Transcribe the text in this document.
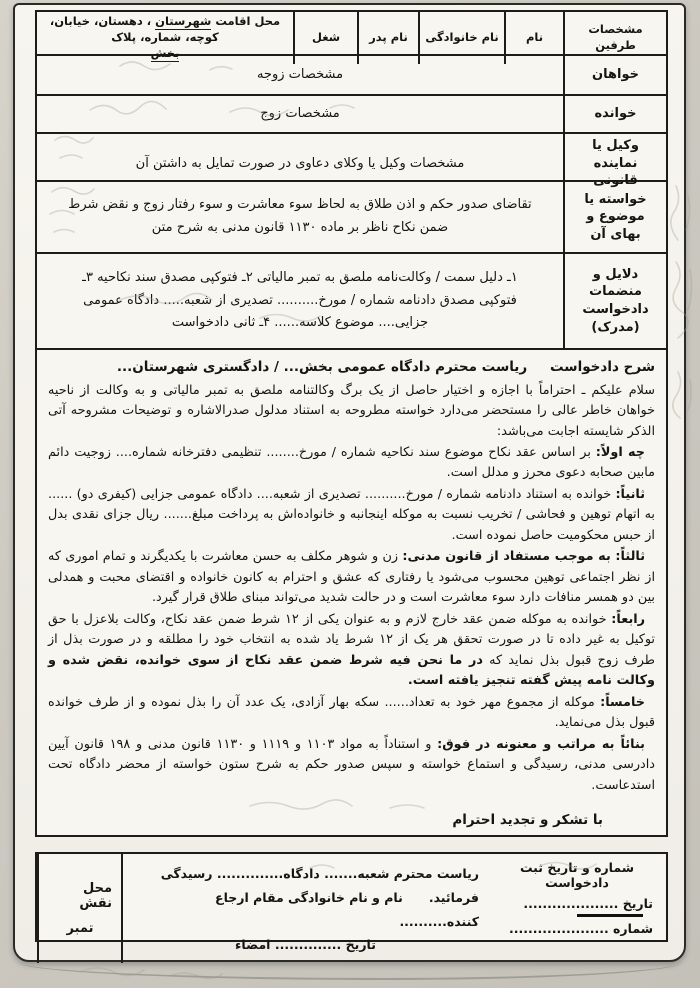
مشخصات طرفین
نام
نام خانوادگی
نام پدر
شغل
محل اقامت شهرستان ، دهستان، خیابان، کوچه، شماره، پلاک
بخش
خواهان
مشخصات زوجه
خوانده
مشخصات زوج
وکیل یا نماینده قانونی
مشخصات وکیل یا وکلای دعاوی در صورت تمایل به داشتن آن
خواسته یا موضوع و بهای آن
تقاضای صدور حکم و اذن طلاق به لحاظ سوء معاشرت و سوء رفتار زوج و نقض شرط ضمن نکاح ناظر بر ماده ۱۱۳۰ قانون مدنی به شرح متن
دلایل و منضمات دادخواست (مدرک)
۱ـ دلیل سمت / وکالت‌نامه ملصق به تمبر مالیاتی ۲ـ فتوکپی مصدق سند نکاحیه ۳ـ فتوکپی مصدق دادنامه شماره / مورخ.......... تصدیری از شعبه..... دادگاه عمومی جزایی.... موضوع کلاسه...... ۴ـ ثانی دادخواست
شرح دادخواست
ریاست محترم دادگاه عمومی بخش... / دادگستری شهرستان...

سلام علیکم ـ احتراماً با اجازه و اختیار حاصل از یک برگ وکالتنامه ملصق به تمبر مالیاتی و به وکالت از ناحیه خواهان خاطر عالی را مستحضر می‌دارد خواسته مطروحه به استناد مدلول صدرالاشاره و توضیحات مشروحه آتی الذکر شایسته اجابت می‌باشد:

چه اولاً: بر اساس عقد نکاح موضوع سند نکاحیه شماره / مورخ........ تنظیمی دفترخانه شماره.... زوجیت دائم مابین صحابه دعوی محرز و مدلل است.

ثانیاً: خوانده به استناد دادنامه شماره / مورخ.......... تصدیری از شعبه.... دادگاه عمومی جزایی (کیفری دو) ...... به اتهام توهین و فحاشی / تخریب نسبت به موکله اینجانبه و خانواده‌اش به پرداخت مبلغ....... ریال جزای نقدی بدل از حبس محکومیت حاصل نموده است.

ثالثاً: به موجب مستفاد از قانون مدنی: زن و شوهر مکلف به حسن معاشرت با یکدیگرند و تمام اموری که از نظر اجتماعی توهین محسوب می‌شود یا رفتاری که عشق و احترام به کانون خانواده و اقتضای محبت و همدلی بین دو همسر منافات دارد سوء معاشرت است و در حالت شدید می‌تواند مبنای طلاق قرار گیرد.

رابعاً: خوانده به موکله ضمن عقد خارج لازم و به عنوان یکی از ۱۲ شرط ضمن عقد نکاح، وکالت بلاعزل با حق توکیل به غیر داده تا در صورت تحقق هر یک از ۱۲ شرط یاد شده به انتخاب خود را مطلقه و در صورت بذل از طرف زوج قبول بذل نماید که در ما نحن فیه شرط ضمن عقد نکاح از سوی خوانده، نقض شده و وکالت نامه پیش گفته تنجیز یافته است.

خامساً: موکله از مجموع مهر خود به تعداد...... سکه بهار آزادی، یک عدد آن را بذل نموده و از طرف خوانده قبول بذل می‌نماید.

بنائاً به مراتب و معنونه در فوق: و استناداً به مواد ۱۱۰۳ و ۱۱۱۹ و ۱۱۳۰ قانون مدنی و ۱۹۸ قانون آیین دادرسی مدنی، رسیدگی و استماع خواسته و سپس صدور حکم به شرح ستون خواسته از محضر دادگاه تحت استدعاست.

با تشکر و تجدید احترام
شماره و تاریخ ثبت دادخواست
تاریخ ....................
شماره .....................
ریاست محترم شعبه....... دادگاه.............. رسیدگی
فرمائید.نام و نام خانوادگی مقام ارجاع کننده..........
تاریخ .............. امضاء
محل نقش
تمبر
